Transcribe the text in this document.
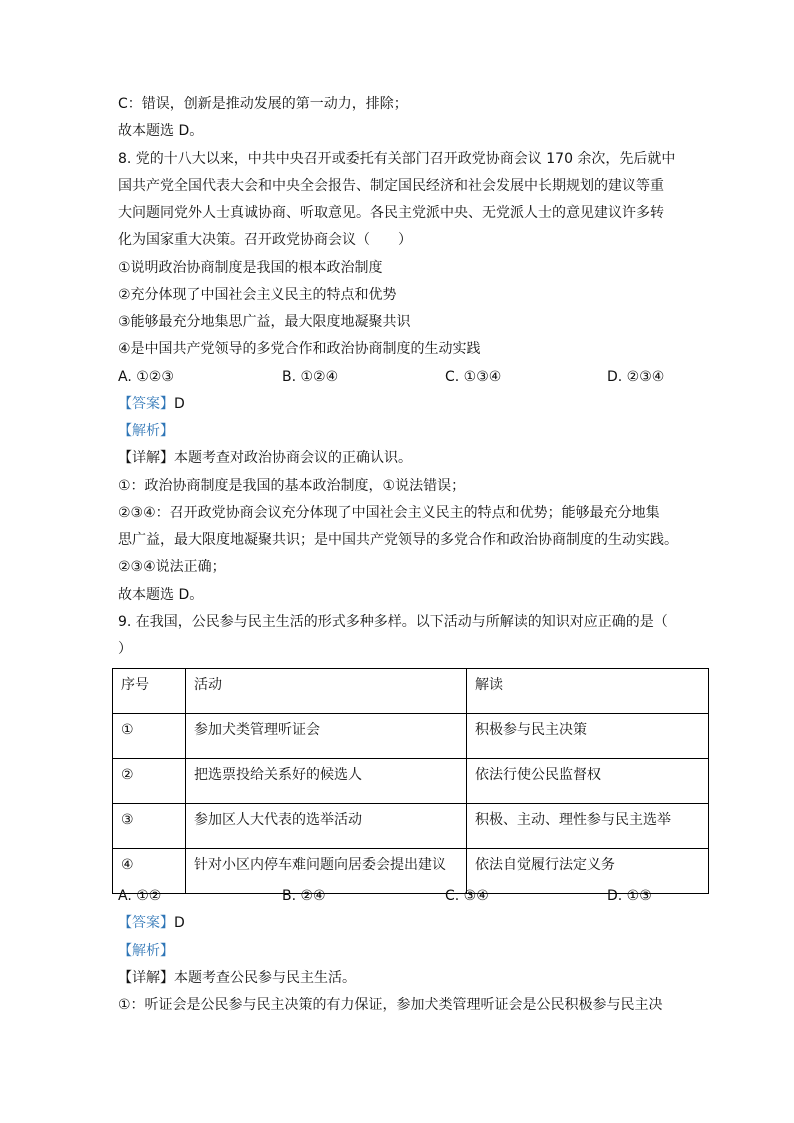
C：错误，创新是推动发展的第一动力，排除；
故本题选 D。
8. 党的十八大以来，中共中央召开或委托有关部门召开政党协商会议 170 余次，先后就中
国共产党全国代表大会和中央全会报告、制定国民经济和社会发展中长期规划的建议等重
大问题同党外人士真诚协商、听取意见。各民主党派中央、无党派人士的意见建议许多转
化为国家重大决策。召开政党协商会议（　　）
①说明政治协商制度是我国的根本政治制度
②充分体现了中国社会主义民主的特点和优势
③能够最充分地集思广益，最大限度地凝聚共识
④是中国共产党领导的多党合作和政治协商制度的生动实践
A. ①②③	B. ①②④	C. ①③④	D. ②③④
【答案】D
【解析】
【详解】本题考查对政治协商会议的正确认识。
①：政治协商制度是我国的基本政治制度，①说法错误；
②③④：召开政党协商会议充分体现了中国社会主义民主的特点和优势；能够最充分地集
思广益，最大限度地凝聚共识；是中国共产党领导的多党合作和政治协商制度的生动实践。
②③④说法正确；
故本题选 D。
9. 在我国，公民参与民主生活的形式多种多样。以下活动与所解读的知识对应正确的是（
）
序号	活动	解读
①	参加犬类管理听证会	积极参与民主决策
②	把选票投给关系好的候选人	依法行使公民监督权
③	参加区人大代表的选举活动	积极、主动、理性参与民主选举
④	针对小区内停车难问题向居委会提出建议	依法自觉履行法定义务
A. ①②	B. ②④	C. ③④	D. ①③
【答案】D
【解析】
【详解】本题考查公民参与民主生活。
①：听证会是公民参与民主决策的有力保证，参加犬类管理听证会是公民积极参与民主决
